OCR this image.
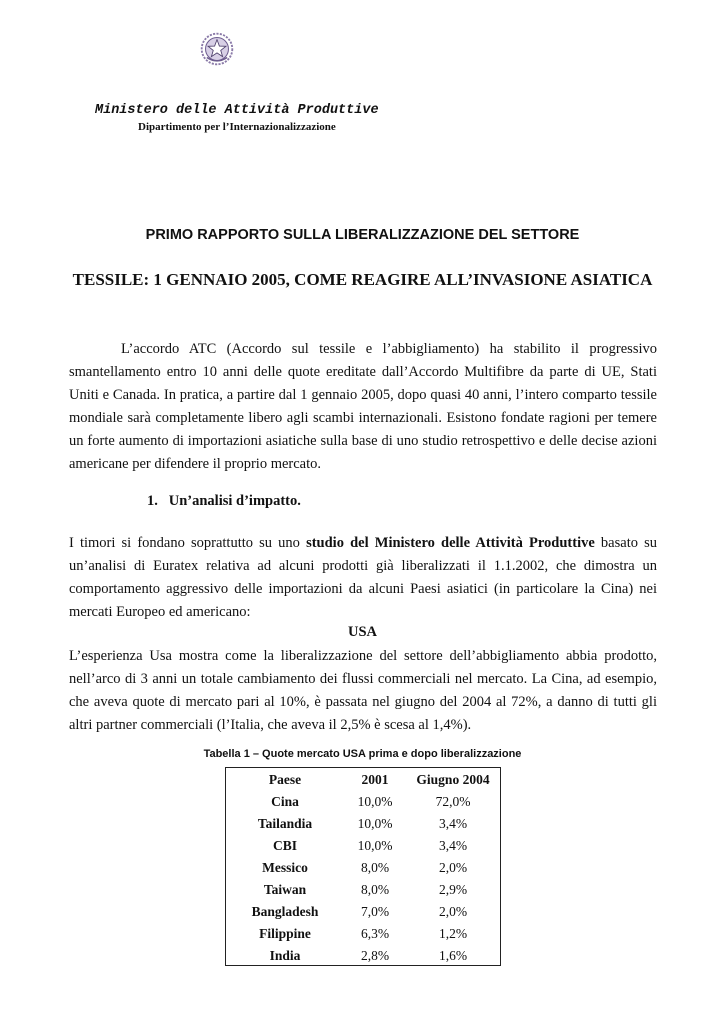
Ministero delle Attività Produttive
Dipartimento per l’Internazionalizzazione
PRIMO RAPPORTO SULLA LIBERALIZZAZIONE DEL SETTORE
TESSILE: 1 GENNAIO 2005, COME REAGIRE ALL’INVASIONE ASIATICA

L’accordo ATC (Accordo sul tessile e l’abbigliamento) ha stabilito il progressivo smantellamento entro 10 anni delle quote ereditate dall’Accordo Multifibre da parte di UE, Stati Uniti e Canada. In pratica, a partire dal 1 gennaio 2005, dopo quasi 40 anni, l’intero comparto tessile mondiale sarà completamente libero agli scambi internazionali. Esistono fondate ragioni per temere un forte aumento di importazioni asiatiche sulla base di uno studio retrospettivo e delle decise azioni americane per difendere il proprio mercato.

1. Un’analisi d’impatto.

I timori si fondano soprattutto su uno studio del Ministero delle Attività Produttive basato su un’analisi di Euratex relativa ad alcuni prodotti già liberalizzati il 1.1.2002, che dimostra un comportamento aggressivo delle importazioni da alcuni Paesi asiatici (in particolare la Cina) nei mercati Europeo ed americano:

USA

L’esperienza Usa mostra come la liberalizzazione del settore dell’abbigliamento abbia prodotto, nell’arco di 3 anni un totale cambiamento dei flussi commerciali nel mercato. La Cina, ad esempio, che aveva quote di mercato pari al 10%, è passata nel giugno del 2004 al 72%, a danno di tutti gli altri partner commerciali (l’Italia, che aveva il 2,5% è scesa al 1,4%).

Tabella 1 – Quote mercato USA prima e dopo liberalizzazione
Paese	2001	Giugno 2004
Cina	10,0%	72,0%
Tailandia	10,0%	3,4%
CBI	10,0%	3,4%
Messico	8,0%	2,0%
Taiwan	8,0%	2,9%
Bangladesh	7,0%	2,0%
Filippine	6,3%	1,2%
India	2,8%	1,6%
